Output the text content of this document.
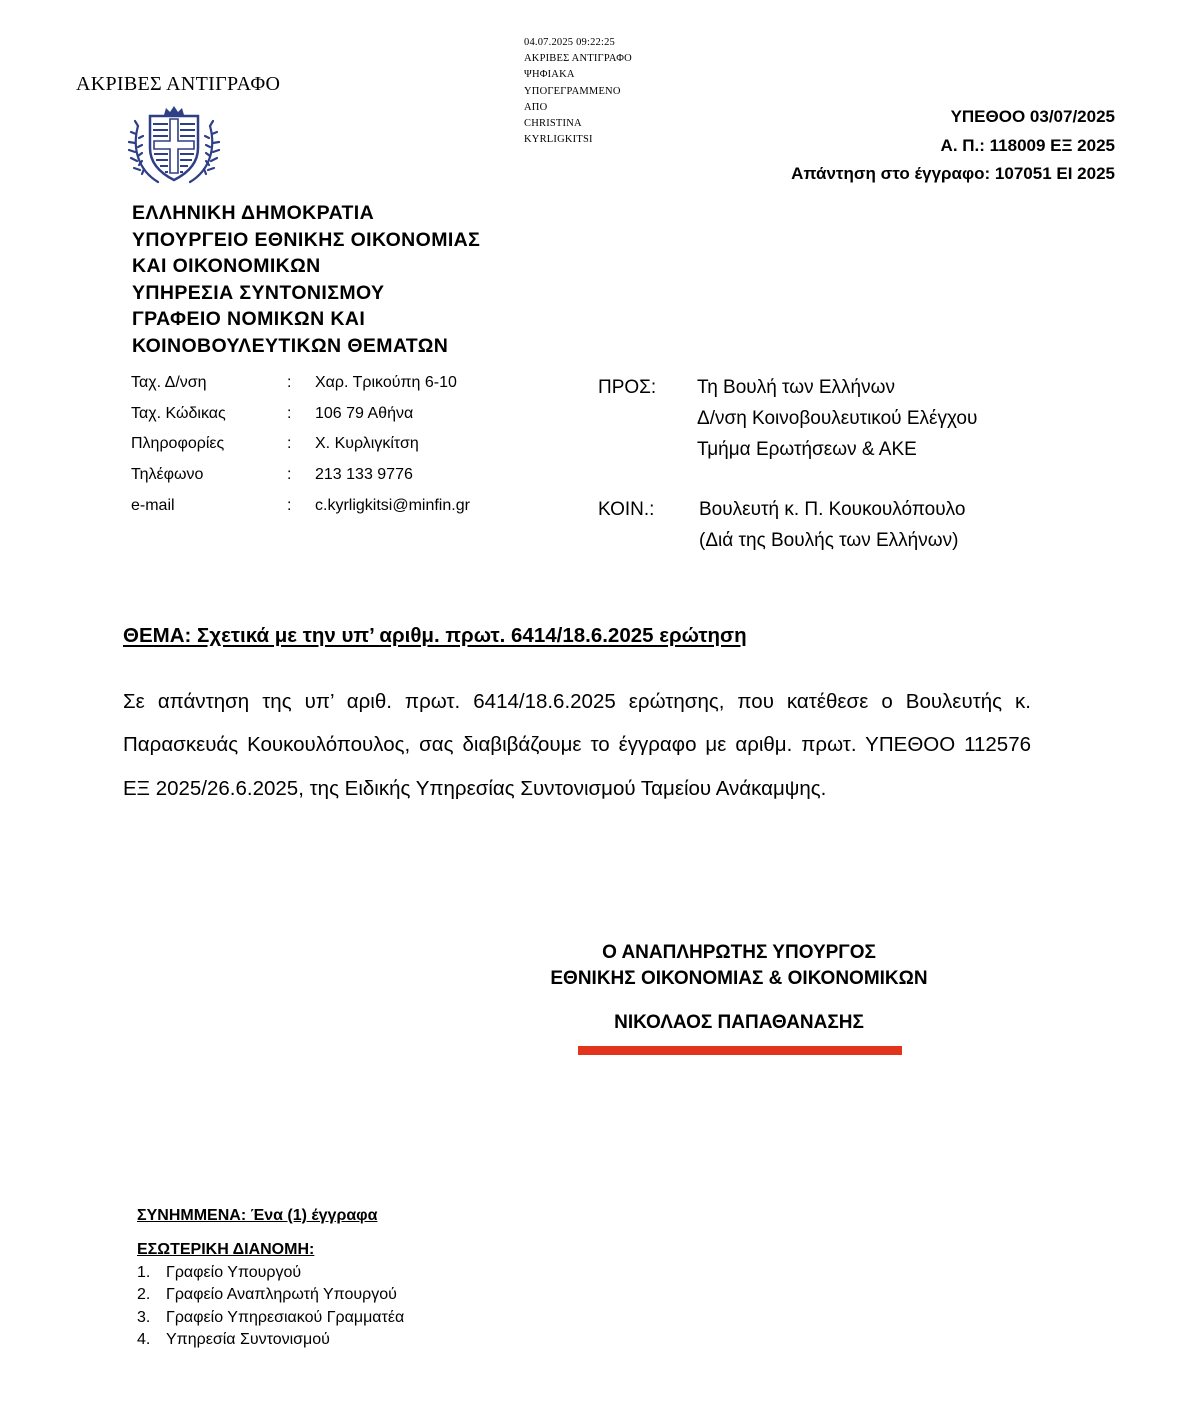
ΑΚΡΙΒΕΣ ΑΝΤΙΓΡΑΦΟ
04.07.2025 09:22:25
ΑΚΡΙΒΕΣ ΑΝΤΙΓΡΑΦΟ
ΨΗΦΙΑΚΑ
ΥΠΟΓΕΓΡΑΜΜΕΝΟ
ΑΠΟ
CHRISTINA
KYRLIGKITSI
ΥΠΕΘΟΟ 03/07/2025
Α. Π.: 118009 ΕΞ 2025
Απάντηση στο έγγραφο: 107051 ΕΙ 2025
ΕΛΛΗΝΙΚΗ ΔΗΜΟΚΡΑΤΙΑ
ΥΠΟΥΡΓΕΙΟ ΕΘΝΙΚΗΣ ΟΙΚΟΝΟΜΙΑΣ
ΚΑΙ ΟΙΚΟΝΟΜΙΚΩΝ
ΥΠΗΡΕΣΙΑ ΣΥΝΤΟΝΙΣΜΟΥ
ΓΡΑΦΕΙΟ ΝΟΜΙΚΩΝ ΚΑΙ
ΚΟΙΝΟΒΟΥΛΕΥΤΙΚΩΝ ΘΕΜΑΤΩΝ
Ταχ. Δ/νση	: Χαρ. Τρικούπη 6-10
Ταχ. Κώδικας	: 106 79 Αθήνα
Πληροφορίες	: Χ. Κυρλιγκίτση
Τηλέφωνο	: 213 133 9776
e-mail	: c.kyrligkitsi@minfin.gr
ΠΡΟΣ: Τη Βουλή των Ελλήνων
Δ/νση Κοινοβουλευτικού Ελέγχου
Τμήμα Ερωτήσεων & ΑΚΕ
ΚΟΙΝ.: Βουλευτή κ. Π. Κουκουλόπουλο
(Διά της Βουλής των Ελλήνων)
ΘΕΜΑ: Σχετικά με την υπ’ αριθμ. πρωτ. 6414/18.6.2025 ερώτηση
Σε απάντηση της υπ’ αριθ. πρωτ. 6414/18.6.2025 ερώτησης, που κατέθεσε ο Βουλευτής κ. Παρασκευάς Κουκουλόπουλος, σας διαβιβάζουμε το έγγραφο με αριθμ. πρωτ. ΥΠΕΘΟΟ 112576 ΕΞ 2025/26.6.2025, της Ειδικής Υπηρεσίας Συντονισμού Ταμείου Ανάκαμψης.
Ο ΑΝΑΠΛΗΡΩΤΗΣ ΥΠΟΥΡΓΟΣ
ΕΘΝΙΚΗΣ ΟΙΚΟΝΟΜΙΑΣ & ΟΙΚΟΝΟΜΙΚΩΝ
ΝΙΚΟΛΑΟΣ ΠΑΠΑΘΑΝΑΣΗΣ
ΣΥΝΗΜΜΕΝΑ: Ένα (1) έγγραφα
ΕΣΩΤΕΡΙΚΗ ΔΙΑΝΟΜΗ:
1. Γραφείο Υπουργού
2. Γραφείο Αναπληρωτή Υπουργού
3. Γραφείο Υπηρεσιακού Γραμματέα
4. Υπηρεσία Συντονισμού
